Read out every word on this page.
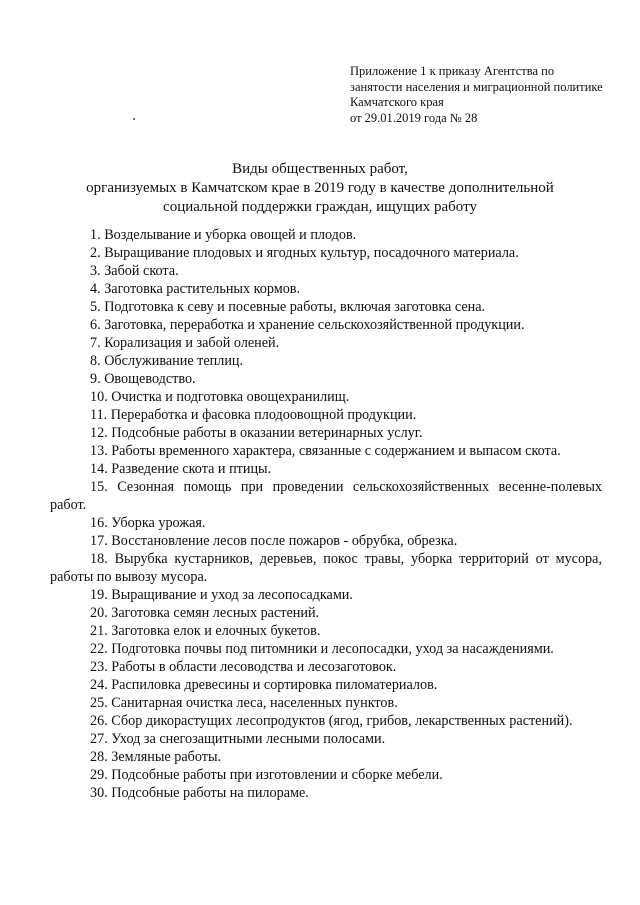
Приложение 1 к приказу Агентства по
занятости населения и миграционной политике
Камчатского края
от 29.01.2019 года № 28
Виды общественных работ,
организуемых в Камчатском крае в 2019 году в качестве дополнительной
социальной поддержки граждан, ищущих работу
1. Возделывание и уборка овощей и плодов.
2. Выращивание плодовых и ягодных культур, посадочного материала.
3. Забой скота.
4. Заготовка растительных кормов.
5. Подготовка к севу и посевные работы, включая заготовка сена.
6. Заготовка, переработка и хранение сельскохозяйственной продукции.
7. Корализация и забой оленей.
8. Обслуживание теплиц.
9. Овощеводство.
10. Очистка и подготовка овощехранилищ.
11. Переработка и фасовка плодоовощной продукции.
12. Подсобные работы в оказании ветеринарных услуг.
13. Работы временного характера, связанные с содержанием и выпасом скота.
14. Разведение скота и птицы.
15. Сезонная помощь при проведении сельскохозяйственных весенне-полевых работ.
16. Уборка урожая.
17. Восстановление лесов после пожаров - обрубка, обрезка.
18. Вырубка кустарников, деревьев, покос травы, уборка территорий от мусора, работы по вывозу мусора.
19. Выращивание и уход за лесопосадками.
20. Заготовка семян лесных растений.
21. Заготовка елок и елочных букетов.
22. Подготовка почвы под питомники и лесопосадки, уход за насаждениями.
23. Работы в области лесоводства и лесозаготовок.
24. Распиловка древесины и сортировка пиломатериалов.
25. Санитарная очистка леса, населенных пунктов.
26. Сбор дикорастущих лесопродуктов (ягод, грибов, лекарственных растений).
27. Уход за снегозащитными лесными полосами.
28. Земляные работы.
29. Подсобные работы при изготовлении и сборке мебели.
30. Подсобные работы на пилораме.
